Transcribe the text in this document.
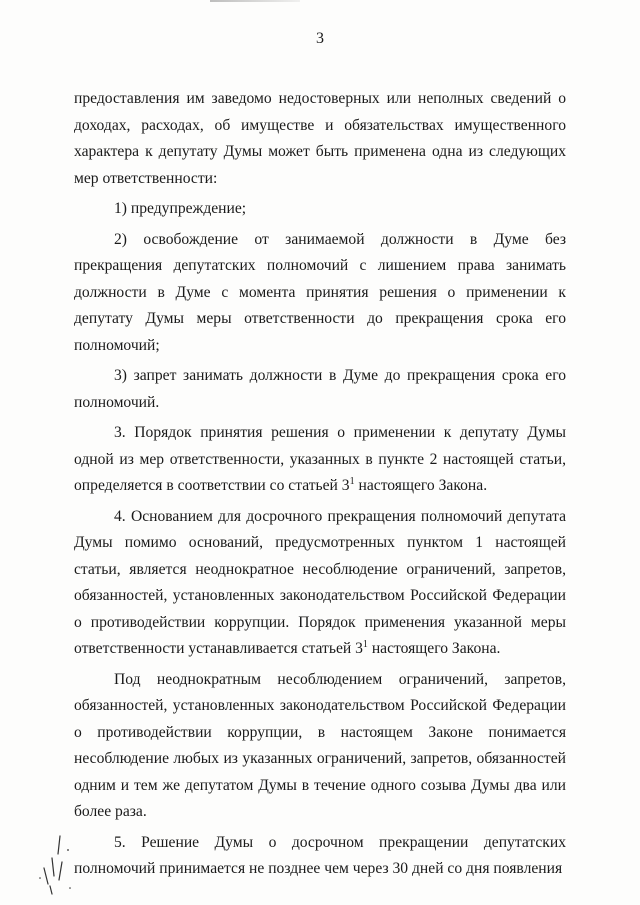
3

предоставления им заведомо недостоверных или неполных сведений о доходах, расходах, об имуществе и обязательствах имущественного характера к депутату Думы может быть применена одна из следующих мер ответственности:

1) предупреждение;

2) освобождение от занимаемой должности в Думе без прекращения депутатских полномочий с лишением права занимать должности в Думе с момента принятия решения о применении к депутату Думы меры ответственности до прекращения срока его полномочий;

3) запрет занимать должности в Думе до прекращения срока его полномочий.

3. Порядок принятия решения о применении к депутату Думы одной из мер ответственности, указанных в пункте 2 настоящей статьи, определяется в соответствии со статьей $3^1$ настоящего Закона.

4. Основанием для досрочного прекращения полномочий депутата Думы помимо оснований, предусмотренных пунктом 1 настоящей статьи, является неоднократное несоблюдение ограничений, запретов, обязанностей, установленных законодательством Российской Федерации о противодействии коррупции. Порядок применения указанной меры ответственности устанавливается статьей $3^1$ настоящего Закона.

Под неоднократным несоблюдением ограничений, запретов, обязанностей, установленных законодательством Российской Федерации о противодействии коррупции, в настоящем Законе понимается несоблюдение любых из указанных ограничений, запретов, обязанностей одним и тем же депутатом Думы в течение одного созыва Думы два или более раза.

5. Решение Думы о досрочном прекращении депутатских полномочий принимается не позднее чем через 30 дней со дня появления
